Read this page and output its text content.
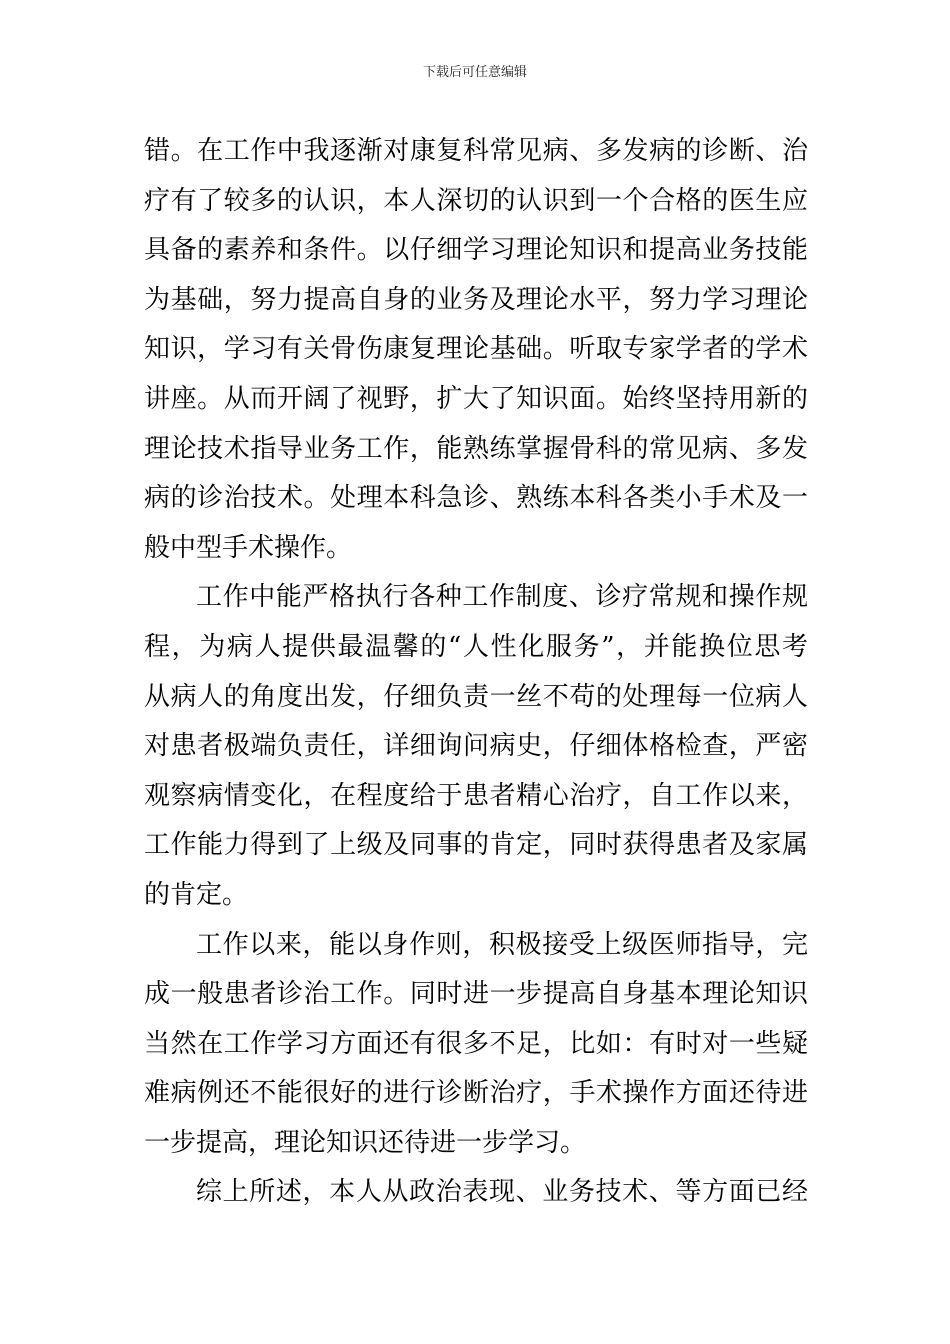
下载后可任意编辑
错。在工作中我逐渐对康复科常见病、多发病的诊断、治
疗有了较多的认识，本人深切的认识到一个合格的医生应
具备的素养和条件。以仔细学习理论知识和提高业务技能
为基础，努力提高自身的业务及理论水平，努力学习理论
知识，学习有关骨伤康复理论基础。听取专家学者的学术
讲座。从而开阔了视野，扩大了知识面。始终坚持用新的
理论技术指导业务工作，能熟练掌握骨科的常见病、多发
病的诊治技术。处理本科急诊、熟练本科各类小手术及一
般中型手术操作。
工作中能严格执行各种工作制度、诊疗常规和操作规
程，为病人提供最温馨的“人性化服务”，并能换位思考
从病人的角度出发，仔细负责一丝不苟的处理每一位病人
对患者极端负责任，详细询问病史，仔细体格检查，严密
观察病情变化，在程度给于患者精心治疗，自工作以来，
工作能力得到了上级及同事的肯定，同时获得患者及家属
的肯定。
工作以来，能以身作则，积极接受上级医师指导，完
成一般患者诊治工作。同时进一步提高自身基本理论知识
当然在工作学习方面还有很多不足，比如：有时对一些疑
难病例还不能很好的进行诊断治疗，手术操作方面还待进
一步提高，理论知识还待进一步学习。
综上所述，本人从政治表现、业务技术、等方面已经
